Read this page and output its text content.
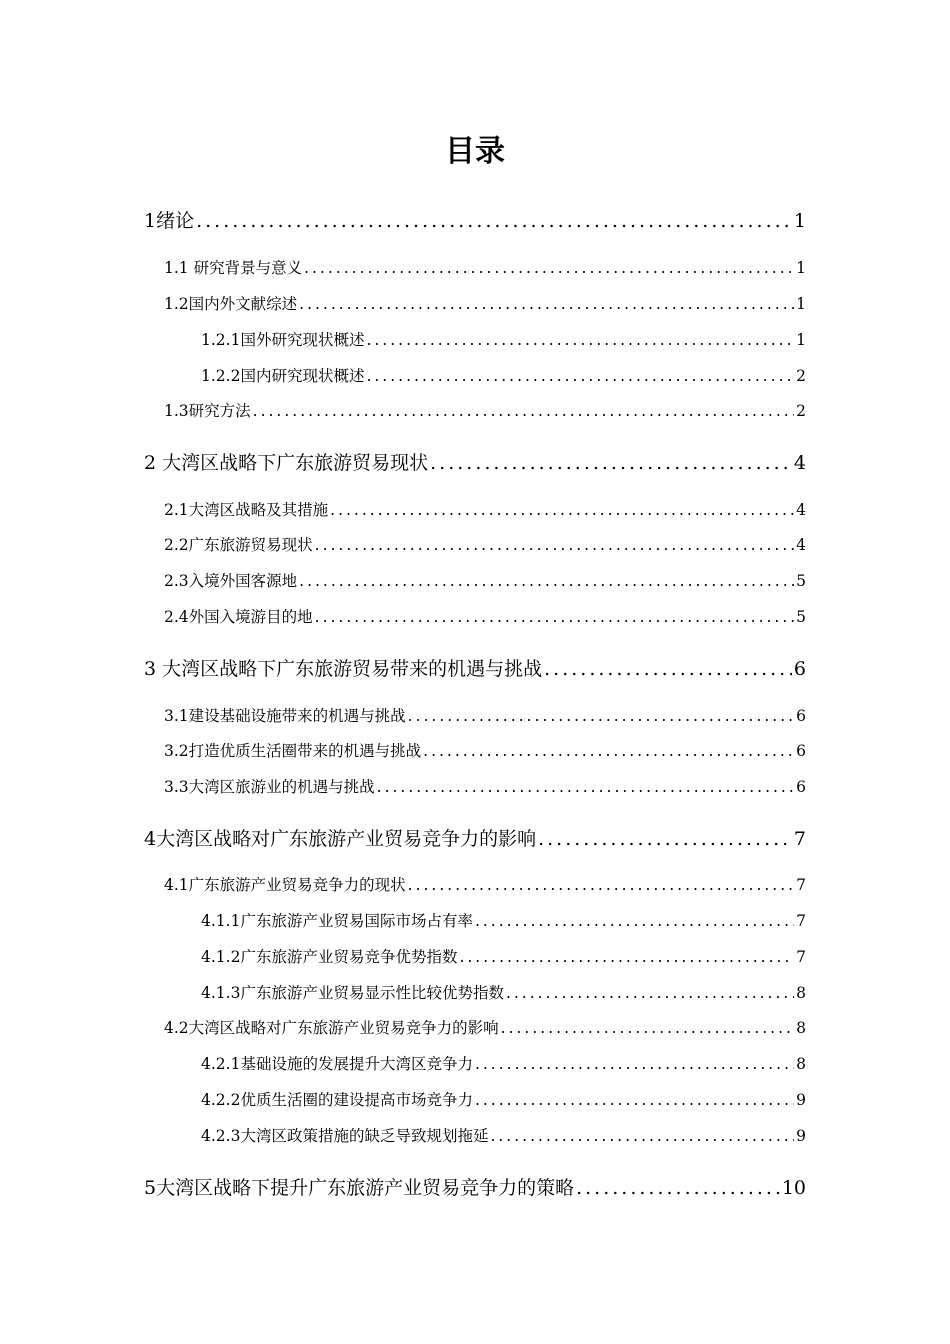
目录
1绪论 .....	1
1.1 研究背景与意义 .....	1
1.2国内外文献综述 .....	1
1.2.1国外研究现状概述 .....	1
1.2.2国内研究现状概述 .....	2
1.3研究方法 .....	2
2 大湾区战略下广东旅游贸易现状 .....	4
2.1大湾区战略及其措施 .....	4
2.2广东旅游贸易现状 .....	4
2.3入境外国客源地 .....	5
2.4外国入境游目的地 .....	5
3 大湾区战略下广东旅游贸易带来的机遇与挑战 .....	6
3.1建设基础设施带来的机遇与挑战 .....	6
3.2打造优质生活圈带来的机遇与挑战 .....	6
3.3大湾区旅游业的机遇与挑战 .....	6
4大湾区战略对广东旅游产业贸易竞争力的影响 .....	7
4.1广东旅游产业贸易竞争力的现状 .....	7
4.1.1广东旅游产业贸易国际市场占有率 .....	7
4.1.2广东旅游产业贸易竞争优势指数 .....	7
4.1.3广东旅游产业贸易显示性比较优势指数 .....	8
4.2大湾区战略对广东旅游产业贸易竞争力的影响 .....	8
4.2.1基础设施的发展提升大湾区竞争力 .....	8
4.2.2优质生活圈的建设提高市场竞争力 .....	9
4.2.3大湾区政策措施的缺乏导致规划拖延 .....	9
5大湾区战略下提升广东旅游产业贸易竞争力的策略 .....	10
